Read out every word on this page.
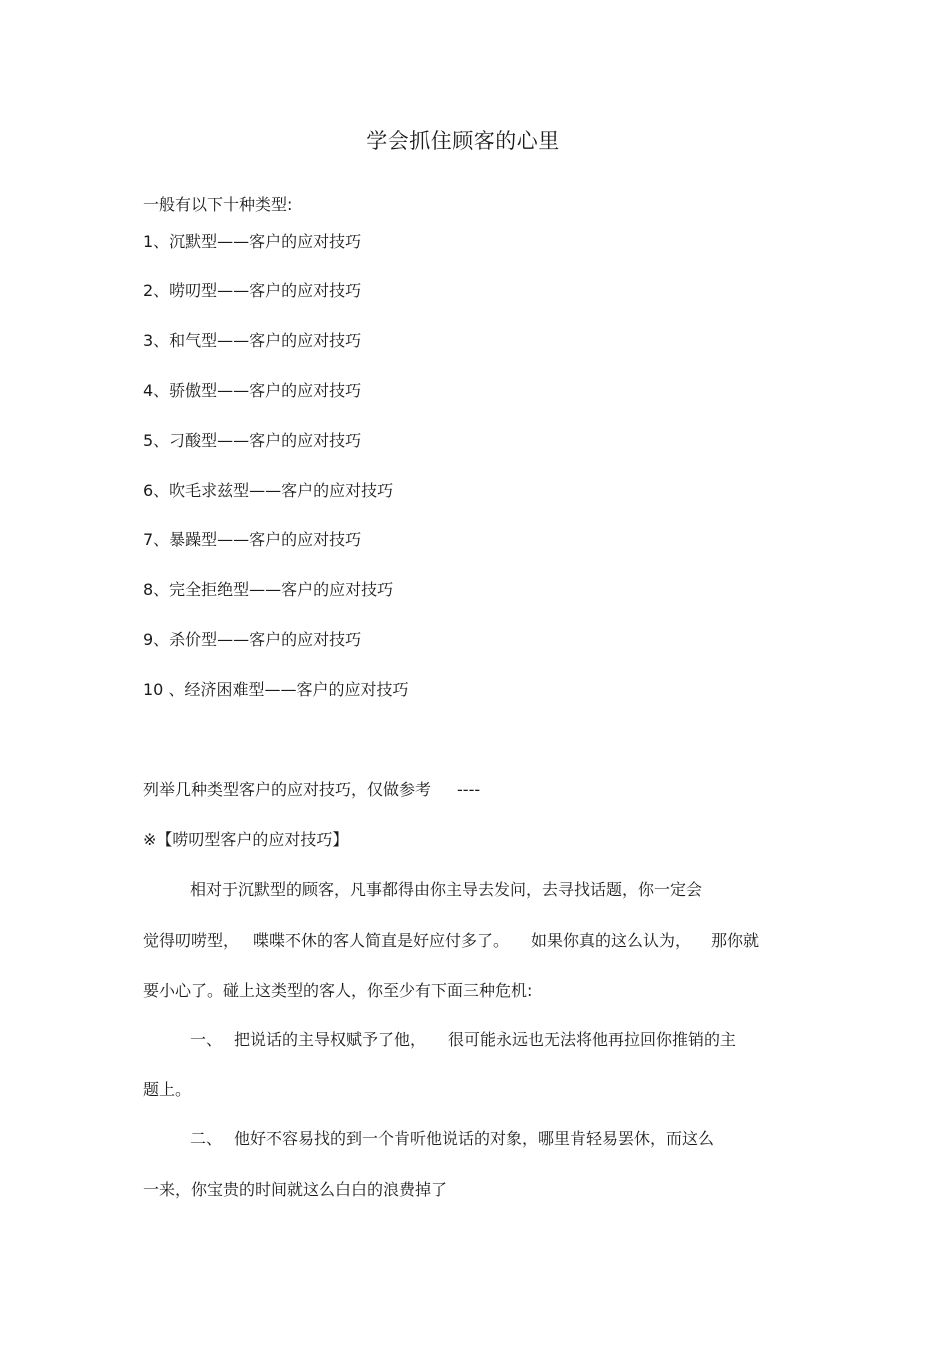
学会抓住顾客的心里
一般有以下十种类型:
1、沉默型——客户的应对技巧
2、唠叨型——客户的应对技巧
3、和气型——客户的应对技巧
4、骄傲型——客户的应对技巧
5、刁酸型——客户的应对技巧
6、吹毛求兹型——客户的应对技巧
7、暴躁型——客户的应对技巧
8、完全拒绝型——客户的应对技巧
9、杀价型——客户的应对技巧
10 、经济困难型——客户的应对技巧
列举几种类型客户的应对技巧，仅做参考 ----
※【唠叨型客户的应对技巧】
相对于沉默型的顾客，凡事都得由你主导去发问，去寻找话题，你一定会
觉得叨唠型， 喋喋不休的客人简直是好应付多了。 如果你真的这么认为， 那你就
要小心了。碰上这类型的客人，你至少有下面三种危机:
一、 把说话的主导权赋予了他， 很可能永远也无法将他再拉回你推销的主
题上。
二、 他好不容易找的到一个肯听他说话的对象，哪里肯轻易罢休，而这么
一来，你宝贵的时间就这么白白的浪费掉了
